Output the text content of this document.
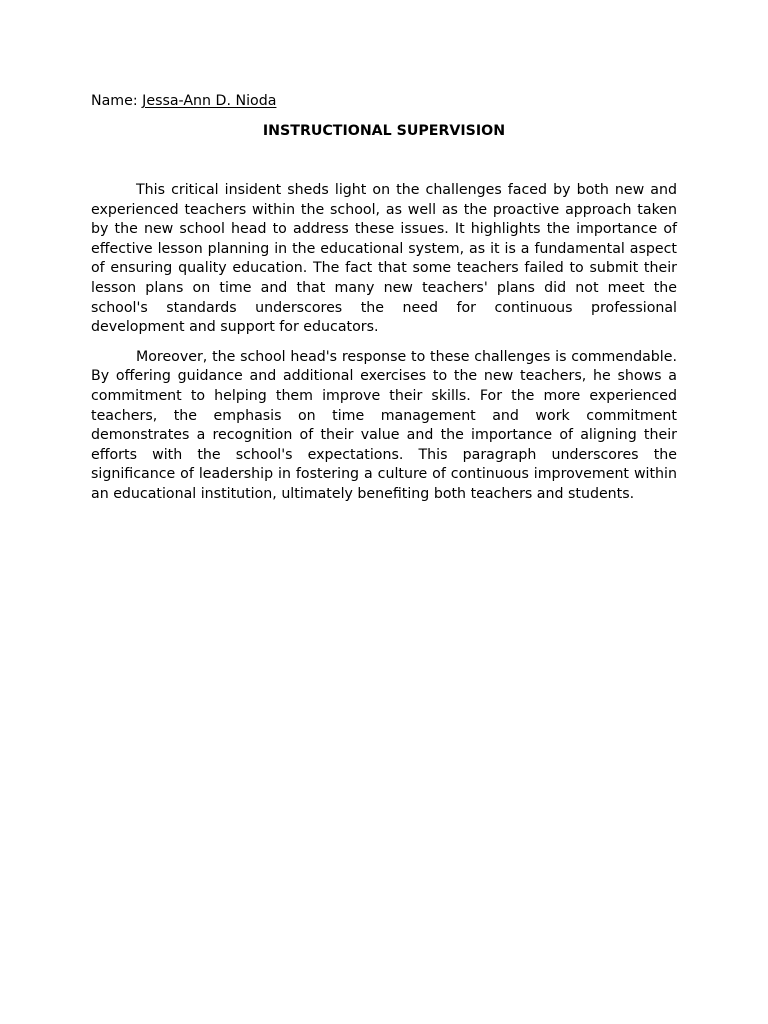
Name: Jessa-Ann D. Nioda

INSTRUCTIONAL SUPERVISION

This critical insident sheds light on the challenges faced by both new and experienced teachers within the school, as well as the proactive approach taken by the new school head to address these issues. It highlights the importance of effective lesson planning in the educational system, as it is a fundamental aspect of ensuring quality education. The fact that some teachers failed to submit their lesson plans on time and that many new teachers' plans did not meet the school's standards underscores the need for continuous professional development and support for educators.

Moreover, the school head's response to these challenges is commendable. By offering guidance and additional exercises to the new teachers, he shows a commitment to helping them improve their skills. For the more experienced teachers, the emphasis on time management and work commitment demonstrates a recognition of their value and the importance of aligning their efforts with the school's expectations. This paragraph underscores the significance of leadership in fostering a culture of continuous improvement within an educational institution, ultimately benefiting both teachers and students.
